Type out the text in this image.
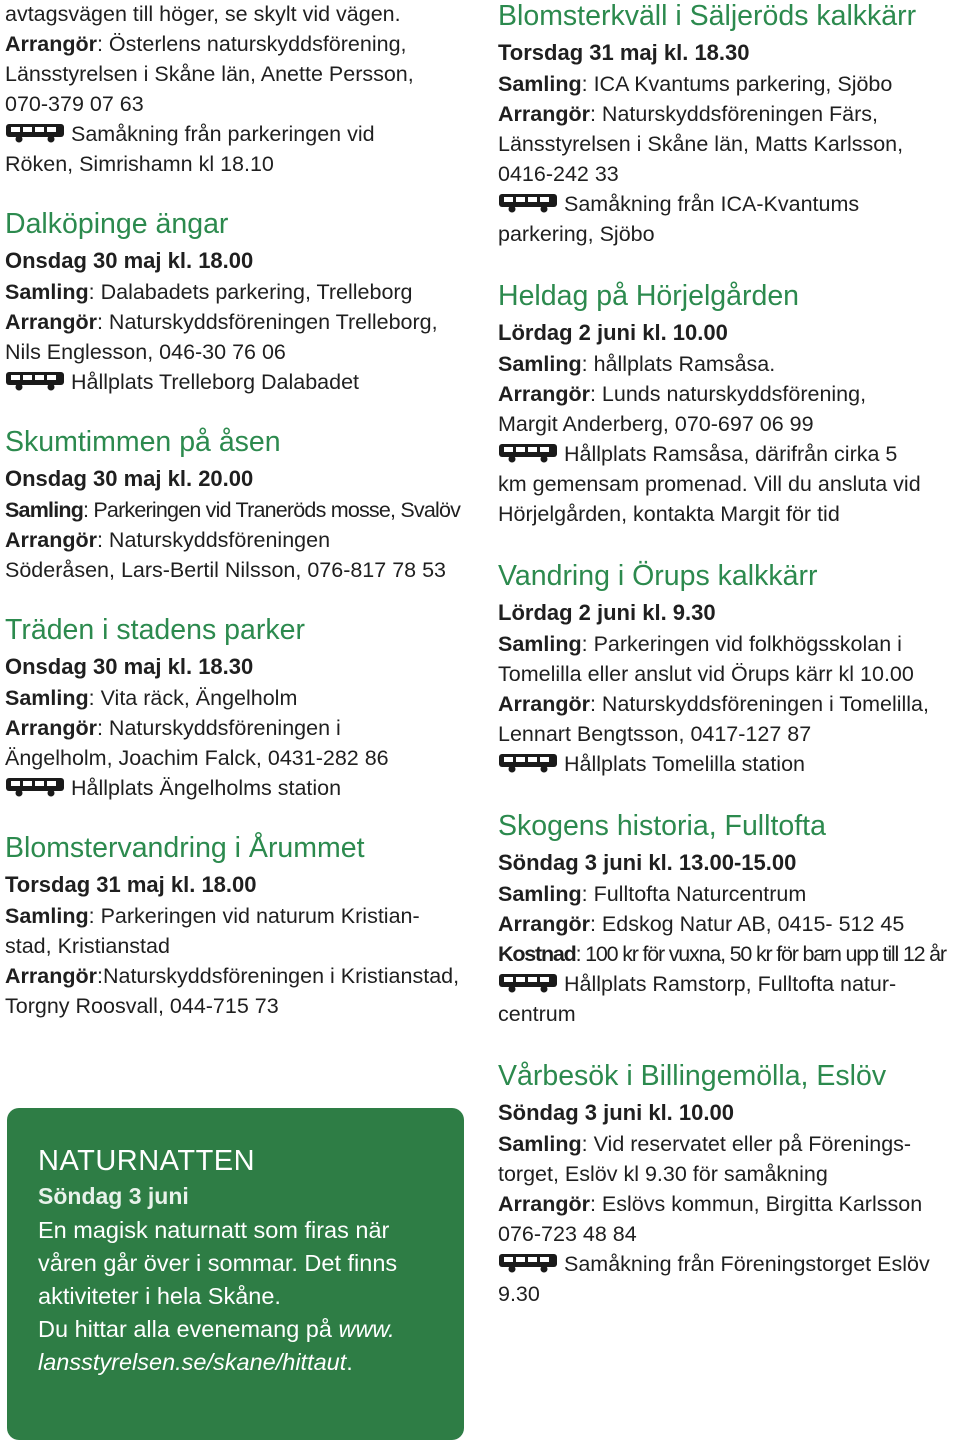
avtagsvägen till höger, se skylt vid vägen.
Arrangör: Österlens naturskyddsförening,
Länsstyrelsen i Skåne län, Anette Persson,
070-379 07 63
Samåkning från parkeringen vid
Röken, Simrishamn kl 18.10
Dalköpinge ängar
Onsdag 30 maj kl. 18.00
Samling: Dalabadets parkering, Trelleborg
Arrangör: Naturskyddsföreningen Trelleborg,
Nils Englesson, 046-30 76 06
Hållplats Trelleborg Dalabadet
Skumtimmen på åsen
Onsdag 30 maj kl. 20.00
Samling: Parkeringen vid Traneröds mosse, Svalöv
Arrangör: Naturskyddsföreningen
Söderåsen, Lars-Bertil Nilsson, 076-817 78 53
Träden i stadens parker
Onsdag 30 maj kl. 18.30
Samling: Vita räck, Ängelholm
Arrangör: Naturskyddsföreningen i
Ängelholm, Joachim Falck, 0431-282 86
Hållplats Ängelholms station
Blomstervandring i Årummet
Torsdag 31 maj kl. 18.00
Samling: Parkeringen vid naturum Kristian-
stad, Kristianstad
Arrangör:Naturskyddsföreningen i Kristianstad,
Torgny Roosvall, 044-715 73
NATURNATTEN
Söndag 3 juni
En magisk naturnatt som firas när våren går över i sommar. Det finns aktiviteter i hela Skåne.
Du hittar alla evenemang på www. lansstyrelsen.se/skane/hittaut.
Blomsterkväll i Säljeröds kalkkärr
Torsdag 31 maj kl. 18.30
Samling: ICA Kvantums parkering, Sjöbo
Arrangör: Naturskyddsföreningen Färs,
Länsstyrelsen i Skåne län, Matts Karlsson,
0416-242 33
Samåkning från ICA-Kvantums
parkering, Sjöbo
Heldag på Hörjelgården
Lördag 2 juni kl. 10.00
Samling: hållplats Ramsåsa.
Arrangör: Lunds naturskyddsförening,
Margit Anderberg, 070-697 06 99
Hållplats Ramsåsa, därifrån cirka 5
km gemensam promenad. Vill du ansluta vid
Hörjelgården, kontakta Margit för tid
Vandring i Örups kalkkärr
Lördag 2 juni kl. 9.30
Samling: Parkeringen vid folkhögsskolan i
Tomelilla eller anslut vid Örups kärr kl 10.00
Arrangör: Naturskyddsföreningen i Tomelilla,
Lennart Bengtsson, 0417-127 87
Hållplats Tomelilla station
Skogens historia, Fulltofta
Söndag 3 juni kl. 13.00-15.00
Samling: Fulltofta Naturcentrum
Arrangör: Edskog Natur AB, 0415- 512 45
Kostnad: 100 kr för vuxna, 50 kr för barn upp till 12 år
Hållplats Ramstorp, Fulltofta natur-
centrum
Vårbesök i Billingemölla, Eslöv
Söndag 3 juni kl. 10.00
Samling: Vid reservatet eller på Förenings-
torget, Eslöv kl 9.30 för samåkning
Arrangör: Eslövs kommun, Birgitta Karlsson
076-723 48 84
Samåkning från Föreningstorget Eslöv
9.30
